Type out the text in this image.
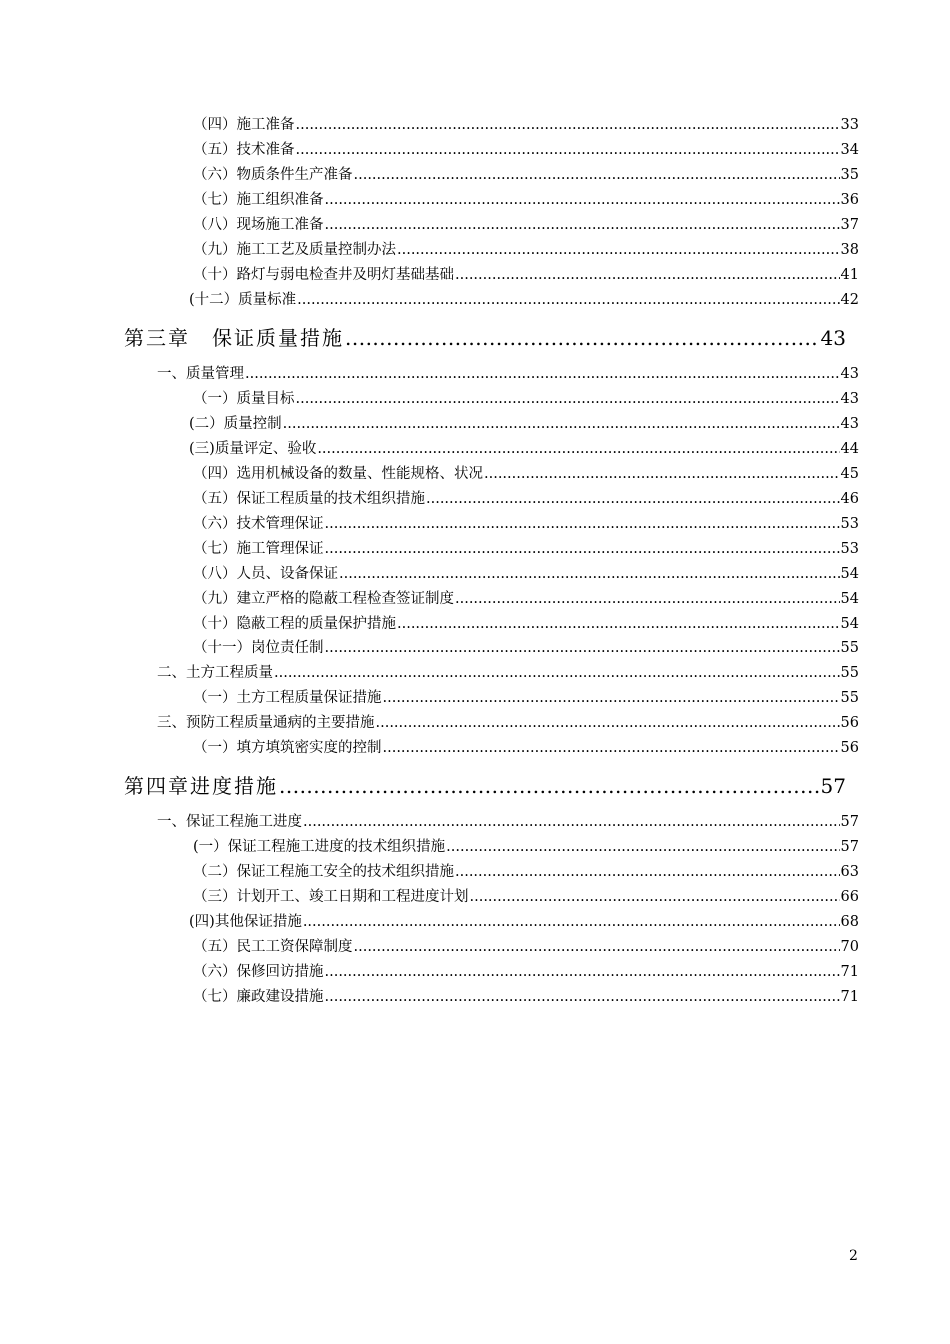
（四）施工准备 .....	33
（五）技术准备 .....	34
（六）物质条件生产准备 .....	35
（七）施工组织准备 .....	36
（八）现场施工准备 .....	37
（九）施工工艺及质量控制办法 .....	38
（十）路灯与弱电检查井及明灯基础基础 .....	41
(十二）质量标准 .....	42
第三章　保证质量措施 .....	43
一、质量管理 .....	43
（一）质量目标 .....	43
(二）质量控制 .....	43
(三)质量评定、验收 .....	44
（四）选用机械设备的数量、性能规格、状况 .....	45
（五）保证工程质量的技术组织措施 .....	46
（六）技术管理保证 .....	53
（七）施工管理保证 .....	53
（八）人员、设备保证 .....	54
（九）建立严格的隐蔽工程检查签证制度 .....	54
（十）隐蔽工程的质量保护措施 .....	54
（十一）岗位责任制 .....	55
二、土方工程质量 .....	55
（一）土方工程质量保证措施 .....	55
三、预防工程质量通病的主要措施 .....	56
（一）填方填筑密实度的控制 .....	56
第四章进度措施 .....	57
一、保证工程施工进度 .....	57
(一）保证工程施工进度的技术组织措施 .....	57
（二）保证工程施工安全的技术组织措施 .....	63
（三）计划开工、竣工日期和工程进度计划 .....	66
(四)其他保证措施 .....	68
（五）民工工资保障制度 .....	70
（六）保修回访措施 .....	71
（七）廉政建设措施 .....	71
2
